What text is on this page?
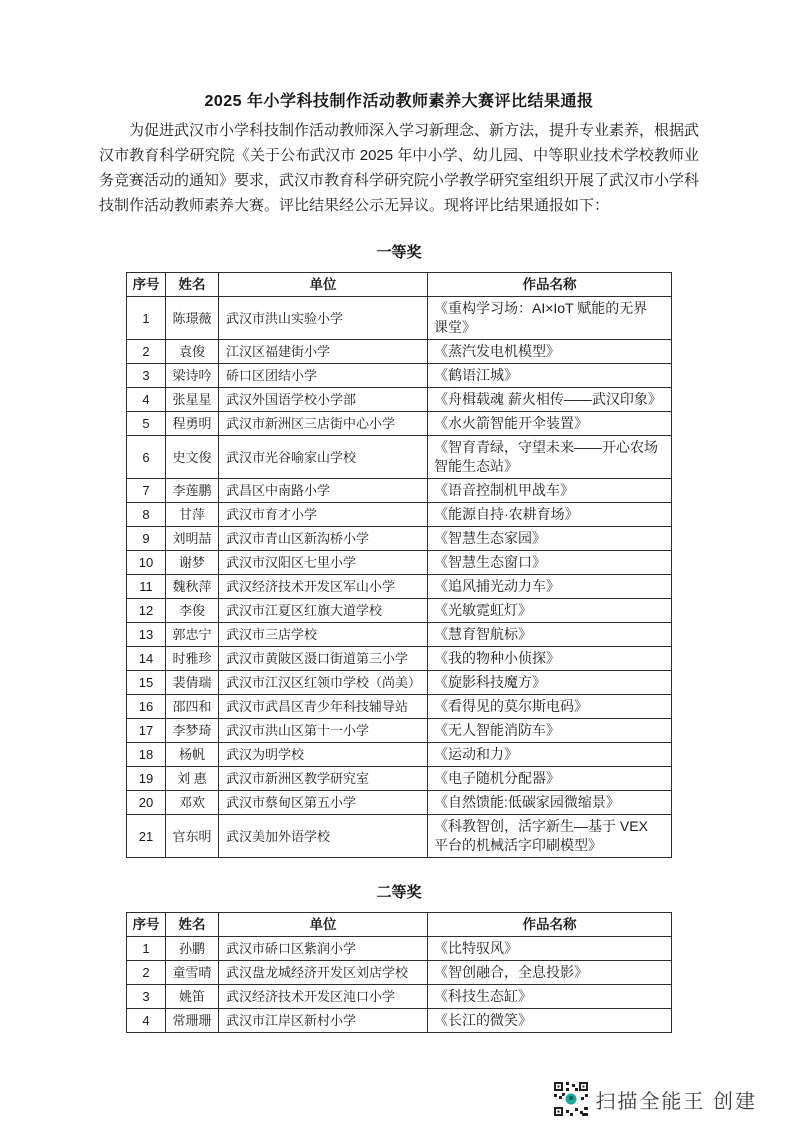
2025 年小学科技制作活动教师素养大赛评比结果通报

为促进武汉市小学科技制作活动教师深入学习新理念、新方法，提升专业素养，根据武汉市教育科学研究院《关于公布武汉市 2025 年中小学、幼儿园、中等职业技术学校教师业务竞赛活动的通知》要求，武汉市教育科学研究院小学教学研究室组织开展了武汉市小学科技制作活动教师素养大赛。评比结果经公示无异议。现将评比结果通报如下：

一等奖
序号	姓名	单位	作品名称
1	陈璟薇	武汉市洪山实验小学	《重构学习场：AI×IoT 赋能的无界课堂》
2	袁俊	江汉区福建街小学	《蒸汽发电机模型》
3	梁诗吟	硚口区团结小学	《鹤语江城》
4	张星星	武汉外国语学校小学部	《舟楫载魂 薪火相传——武汉印象》
5	程勇明	武汉市新洲区三店街中心小学	《水火箭智能开伞装置》
6	史文俊	武汉市光谷喻家山学校	《智育青绿，守望未来——开心农场智能生态站》
7	李莲鹏	武昌区中南路小学	《语音控制机甲战车》
8	甘萍	武汉市育才小学	《能源自持·农耕育场》
9	刘明喆	武汉市青山区新沟桥小学	《智慧生态家园》
10	谢梦	武汉市汉阳区七里小学	《智慧生态窗口》
11	魏秋萍	武汉经济技术开发区军山小学	《追风捕光动力车》
12	李俊	武汉市江夏区红旗大道学校	《光敏霓虹灯》
13	郭忠宁	武汉市三店学校	《慧育智航标》
14	时雅珍	武汉市黄陂区滠口街道第三小学	《我的物种小侦探》
15	裴倩瑞	武汉市江汉区红领巾学校（尚美）	《旋影科技魔方》
16	邵四和	武汉市武昌区青少年科技辅导站	《看得见的莫尔斯电码》
17	李梦琦	武汉市洪山区第十一小学	《无人智能消防车》
18	杨帆	武汉为明学校	《运动和力》
19	刘 惠	武汉市新洲区教学研究室	《电子随机分配器》
20	邓欢	武汉市蔡甸区第五小学	《自然馈能:低碳家园微缩景》
21	官东明	武汉美加外语学校	《科教智创，活字新生—基于 VEX 平台的机械活字印刷模型》
二等奖
序号	姓名	单位	作品名称
1	孙鹏	武汉市硚口区紫润小学	《比特驭风》
2	童雪晴	武汉盘龙城经济开发区刘店学校	《智创融合，全息投影》
3	姚笛	武汉经济技术开发区沌口小学	《科技生态缸》
4	常珊珊	武汉市江岸区新村小学	《长江的微笑》
扫描全能王 创建
